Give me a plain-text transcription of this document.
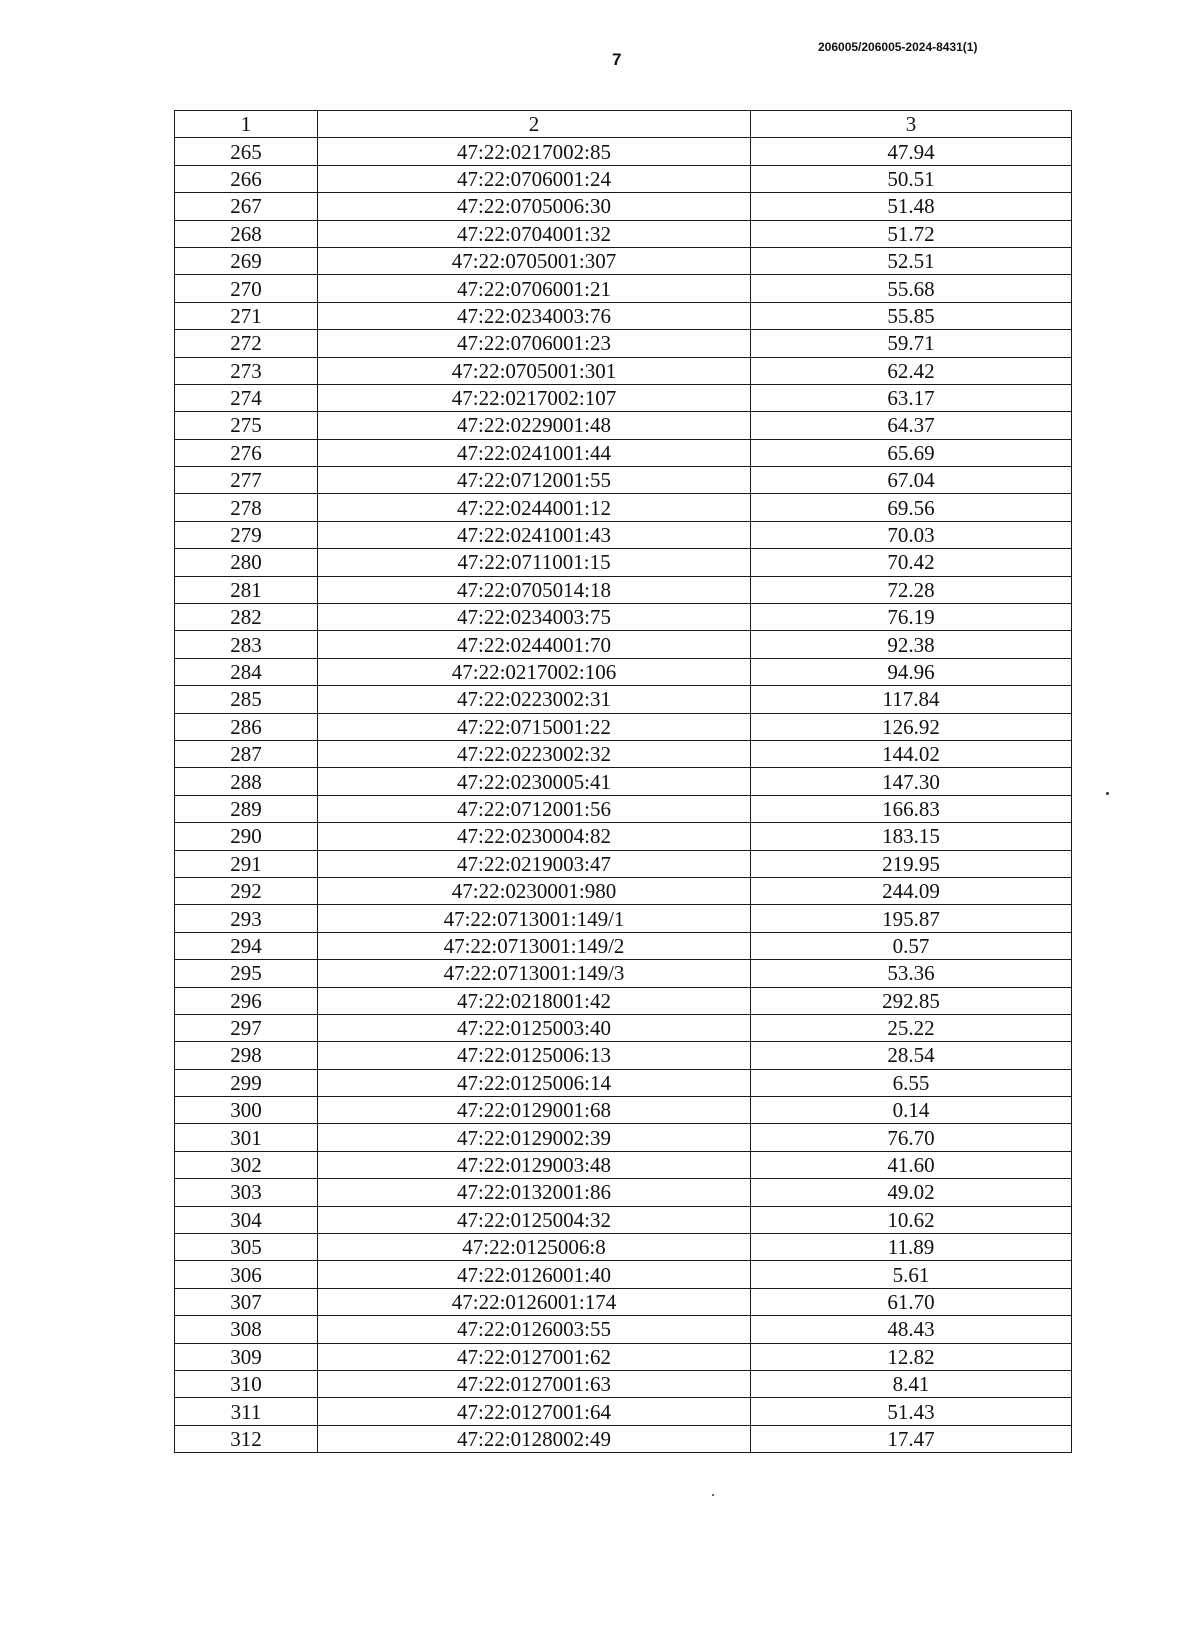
7
206005/206005-2024-8431(1)
1	2	3
265	47:22:0217002:85	47.94
266	47:22:0706001:24	50.51
267	47:22:0705006:30	51.48
268	47:22:0704001:32	51.72
269	47:22:0705001:307	52.51
270	47:22:0706001:21	55.68
271	47:22:0234003:76	55.85
272	47:22:0706001:23	59.71
273	47:22:0705001:301	62.42
274	47:22:0217002:107	63.17
275	47:22:0229001:48	64.37
276	47:22:0241001:44	65.69
277	47:22:0712001:55	67.04
278	47:22:0244001:12	69.56
279	47:22:0241001:43	70.03
280	47:22:0711001:15	70.42
281	47:22:0705014:18	72.28
282	47:22:0234003:75	76.19
283	47:22:0244001:70	92.38
284	47:22:0217002:106	94.96
285	47:22:0223002:31	117.84
286	47:22:0715001:22	126.92
287	47:22:0223002:32	144.02
288	47:22:0230005:41	147.30
289	47:22:0712001:56	166.83
290	47:22:0230004:82	183.15
291	47:22:0219003:47	219.95
292	47:22:0230001:980	244.09
293	47:22:0713001:149/1	195.87
294	47:22:0713001:149/2	0.57
295	47:22:0713001:149/3	53.36
296	47:22:0218001:42	292.85
297	47:22:0125003:40	25.22
298	47:22:0125006:13	28.54
299	47:22:0125006:14	6.55
300	47:22:0129001:68	0.14
301	47:22:0129002:39	76.70
302	47:22:0129003:48	41.60
303	47:22:0132001:86	49.02
304	47:22:0125004:32	10.62
305	47:22:0125006:8	11.89
306	47:22:0126001:40	5.61
307	47:22:0126001:174	61.70
308	47:22:0126003:55	48.43
309	47:22:0127001:62	12.82
310	47:22:0127001:63	8.41
311	47:22:0127001:64	51.43
312	47:22:0128002:49	17.47
